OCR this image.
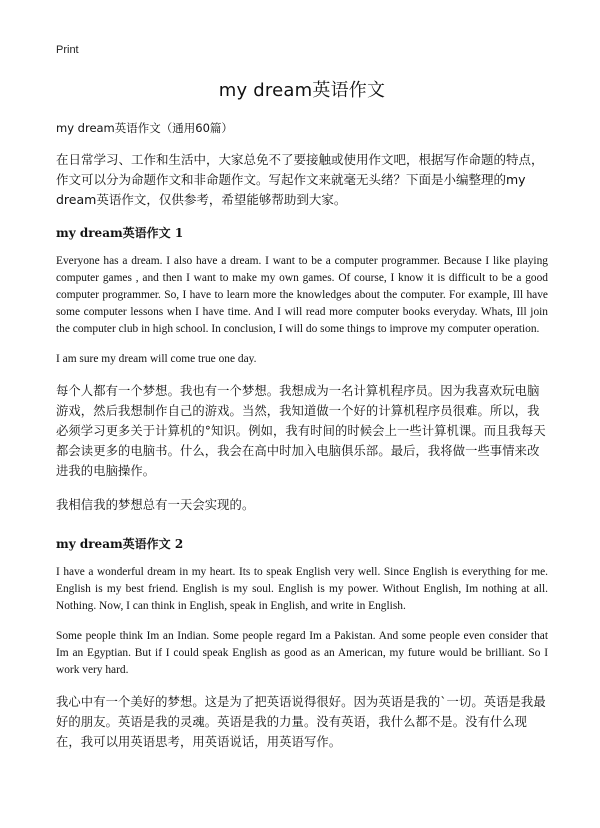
Print
my dream英语作文

my dream英语作文（通用60篇）

在日常学习、工作和生活中，大家总免不了要接触或使用作文吧，根据写作命题的特点，作文可以分为命题作文和非命题作文。写起作文来就毫无头绪？下面是小编整理的my dream英语作文，仅供参考，希望能够帮助到大家。

my dream英语作文 1

Everyone has a dream. I also have a dream. I want to be a computer programmer. Because I like playing computer games , and then I want to make my own games. Of course, I know it is difficult to be a good computer programmer. So, I have to learn more the knowledges about the computer. For example, Ill have some computer lessons when I have time. And I will read more computer books everyday. Whats, Ill join the computer club in high school. In conclusion, I will do some things to improve my computer operation.

I am sure my dream will come true one day.

每个人都有一个梦想。我也有一个梦想。我想成为一名计算机程序员。因为我喜欢玩电脑游戏，然后我想制作自己的游戏。当然，我知道做一个好的计算机程序员很难。所以，我必须学习更多关于计算机的°知识。例如，我有时间的时候会上一些计算机课。而且我每天都会读更多的电脑书。什么，我会在高中时加入电脑俱乐部。最后，我将做一些事情来改进我的电脑操作。

我相信我的梦想总有一天会实现的。

my dream英语作文 2

I have a wonderful dream in my heart. Its to speak English very well. Since English is everything for me. English is my best friend. English is my soul. English is my power. Without English, Im nothing at all. Nothing. Now, I can think in English, speak in English, and write in English.

Some people think Im an Indian. Some people regard Im a Pakistan. And some people even consider that Im an Egyptian. But if I could speak English as good as an American, my future would be brilliant. So I work very hard.

我心中有一个美好的梦想。这是为了把英语说得很好。因为英语是我的`一切。英语是我最好的朋友。英语是我的灵魂。英语是我的力量。没有英语，我什么都不是。没有什么现在，我可以用英语思考，用英语说话，用英语写作。
